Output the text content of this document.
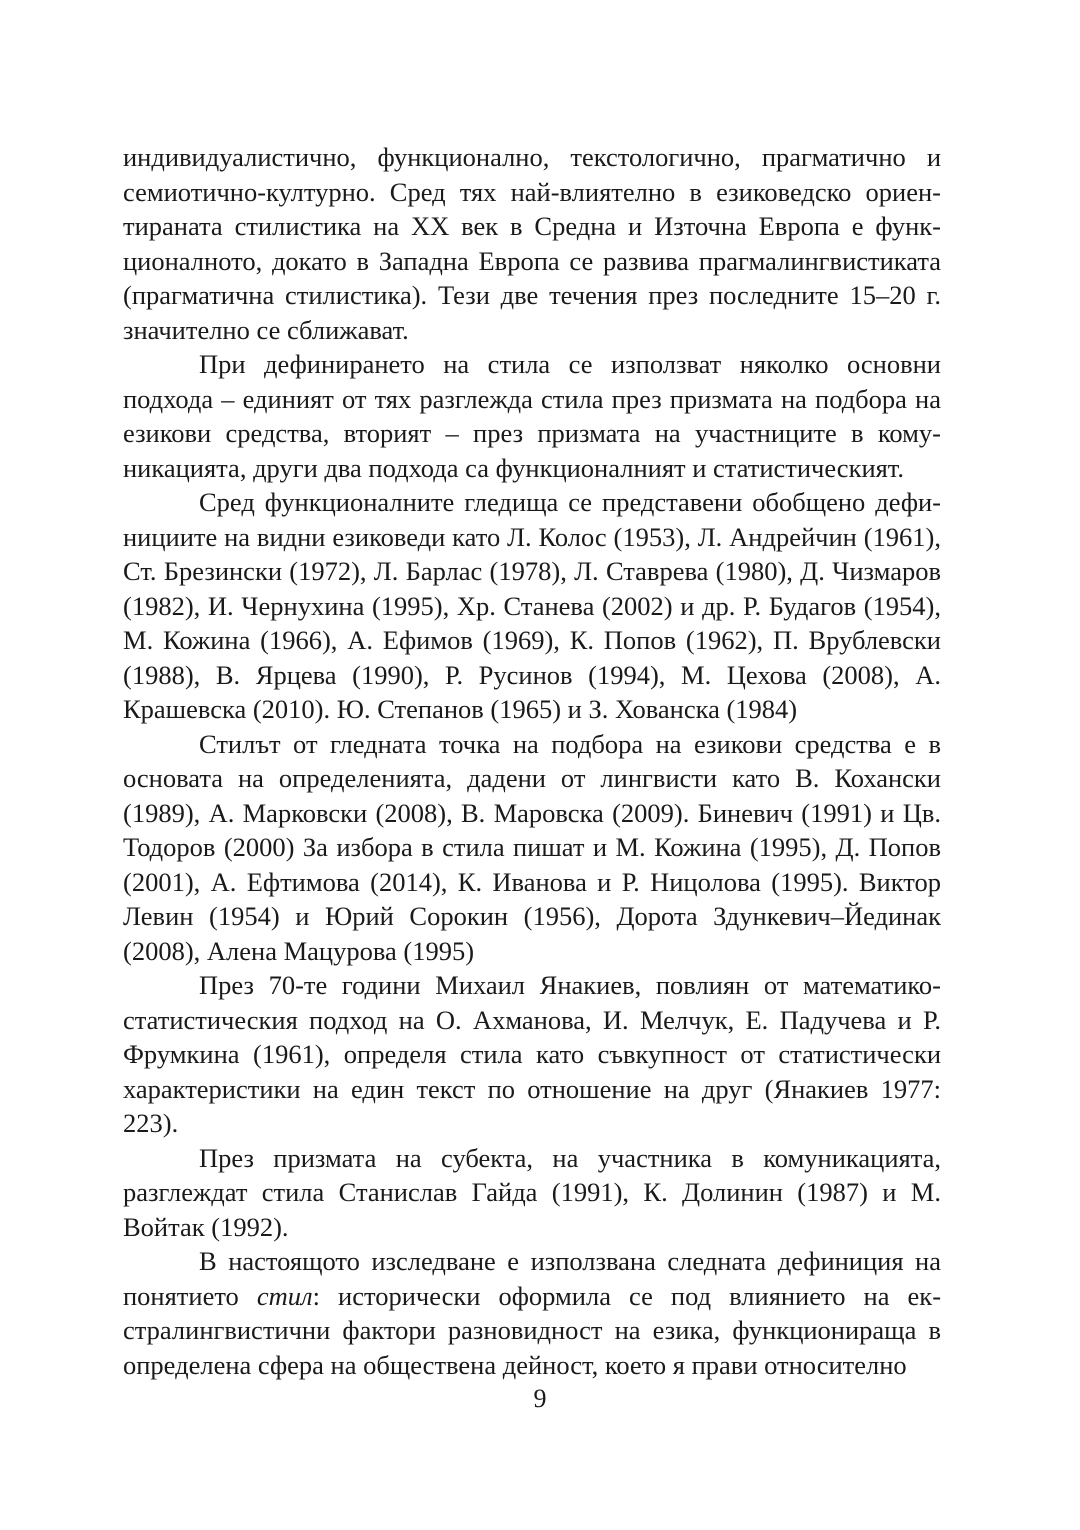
индивидуалистично, функционално, текстологично, прагматично и семиотично-културно. Сред тях най-влиятелно в езиковедско ориентираната стилистика на ХХ век в Средна и Източна Европа е функционалното, докато в Западна Европа се развива прагмалингвистиката (прагматична стилистика). Тези две течения през последните 15–20 г. значително се сближават.

При дефинирането на стила се използват няколко основни подхода – единият от тях разглежда стила през призмата на подбора на езикови средства, вторият – през призмата на участниците в комуникацията, други два подхода са функционалният и статистическият.

Сред функционалните гледища се представени обобщено дефинициите на видни езиковеди като Л. Колос (1953), Л. Андрейчин (1961), Ст. Брезински (1972), Л. Барлас (1978), Л. Ставрева (1980), Д. Чизмаров (1982), И. Чернухина (1995), Хр. Станева (2002) и др. Р. Будагов (1954), М. Кожина (1966), А. Ефимов (1969), К. Попов (1962), П. Врублевски (1988), В. Ярцева (1990), Р. Русинов (1994), М. Цехова (2008), А. Крашевска (2010). Ю. Степанов (1965) и З. Хованска (1984)

Стилът от гледната точка на подбора на езикови средства е в основата на определенията, дадени от лингвисти като В. Кохански (1989), А. Марковски (2008), В. Маровска (2009). Биневич (1991) и Цв. Тодоров (2000) За избора в стила пишат и М. Кожина (1995), Д. Попов (2001), А. Ефтимова (2014), К. Иванова и Р. Ницолова (1995). Виктор Левин (1954) и Юрий Сорокин (1956), Дорота Здункевич–Йединак (2008), Алена Мацурова (1995)

През 70-те години Михаил Янакиев, повлиян от математико-статистическия подход на О. Ахманова, И. Мелчук, Е. Падучева и Р. Фрумкина (1961), определя стила като съвкупност от статистически характеристики на един текст по отношение на друг (Янакиев 1977: 223).

През призмата на субекта, на участника в комуникацията, разглеждат стила Станислав Гайда (1991), К. Долинин (1987) и М. Войтак (1992).

В настоящото изследване е използвана следната дефиниция на понятието стил: исторически оформила се под влиянието на екстралингвистични фактори разновидност на езика, функционираща в определена сфера на обществена дейност, което я прави относително

9
